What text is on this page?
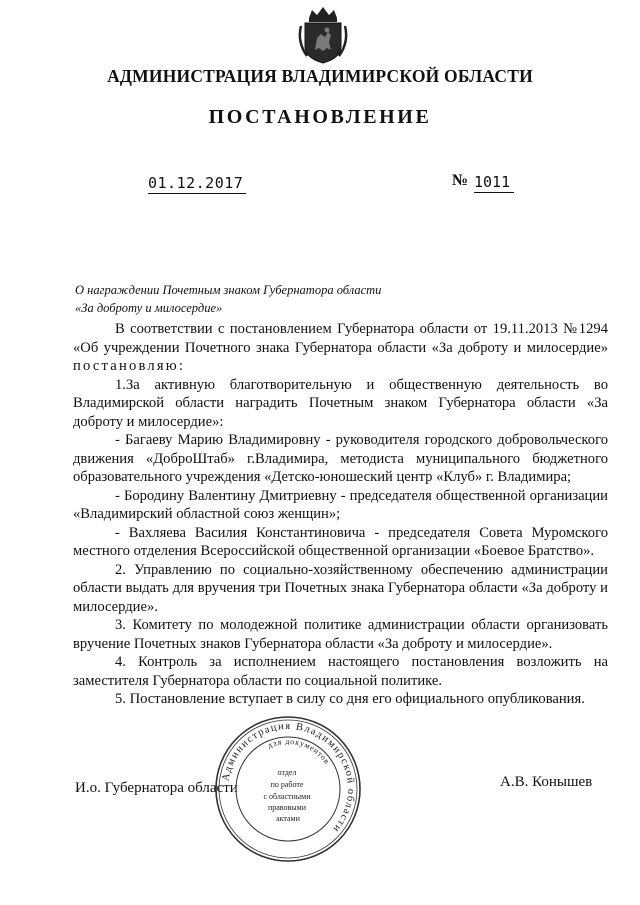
АДМИНИСТРАЦИЯ ВЛАДИМИРСКОЙ ОБЛАСТИ
ПОСТАНОВЛЕНИЕ
01.12.2017	№ 1011
О награждении Почетным знаком Губернатора области
«За доброту и милосердие»

В соответствии с постановлением Губернатора области от 19.11.2013 №1294 «Об учреждении Почетного знака Губернатора области «За доброту и милосердие» постановляю:

1.За активную благотворительную и общественную деятельность во Владимирской области наградить Почетным знаком Губернатора области «За доброту и милосердие»:

- Багаеву Марию Владимировну - руководителя городского добровольческого движения «ДоброШтаб» г.Владимира, методиста муниципального бюджетного образовательного учреждения «Детско-юношеский центр «Клуб» г. Владимира;

- Бородину Валентину Дмитриевну - председателя общественной организации «Владимирский областной союз женщин»;

- Вахляева Василия Константиновича - председателя Совета Муромского местного отделения Всероссийской общественной организации «Боевое Братство».

2. Управлению по социально-хозяйственному обеспечению администрации области выдать для вручения три Почетных знака Губернатора области «За доброту и милосердие».

3. Комитету по молодежной политике администрации области организовать вручение Почетных знаков Губернатора области «За доброту и милосердие».

4. Контроль за исполнением настоящего постановления возложить на заместителя Губернатора области по социальной политике.

5. Постановление вступает в силу со дня его официального опубликования.

И.о. Губернатора области	А.В. Конышев
Администрация Владимирской области
для документов
отдел по работе с областными правовыми актами
